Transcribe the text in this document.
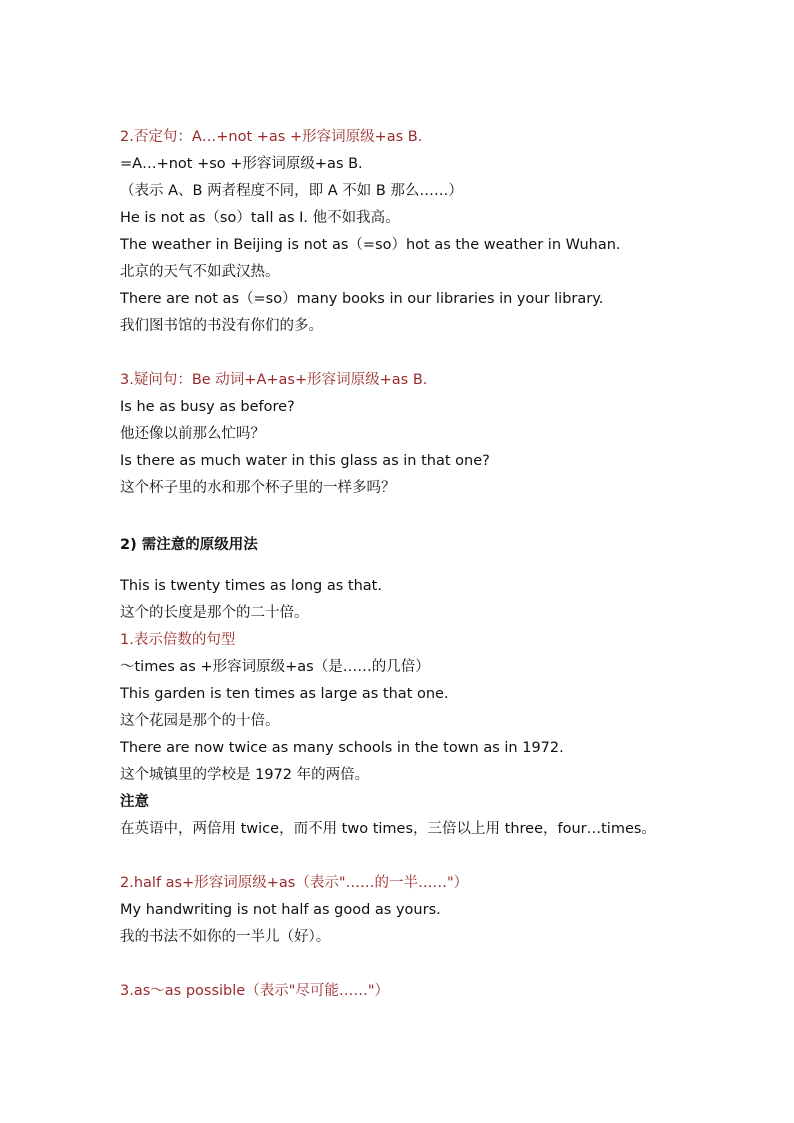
2.否定句：A…+not +as +形容词原级+as B.
=A…+not +so +形容词原级+as B.
（表示 A、B 两者程度不同，即 A 不如 B 那么……）
He is not as（so）tall as I. 他不如我高。
The weather in Beijing is not as（=so）hot as the weather in Wuhan.
北京的天气不如武汉热。
There are not as（=so）many books in our libraries in your library.
我们图书馆的书没有你们的多。
3.疑问句：Be 动词+A+as+形容词原级+as B.
Is he as busy as before?
他还像以前那么忙吗？
Is there as much water in this glass as in that one?
这个杯子里的水和那个杯子里的一样多吗？
2) 需注意的原级用法
This is twenty times as long as that.
这个的长度是那个的二十倍。
1.表示倍数的句型
～times as +形容词原级+as（是……的几倍）
This garden is ten times as large as that one.
这个花园是那个的十倍。
There are now twice as many schools in the town as in 1972.
这个城镇里的学校是 1972 年的两倍。
注意
在英语中，两倍用 twice，而不用 two times，三倍以上用 three，four…times。
2.half as+形容词原级+as（表示"……的一半……"）
My handwriting is not half as good as yours.
我的书法不如你的一半儿（好）。
3.as～as possible（表示"尽可能……"）
